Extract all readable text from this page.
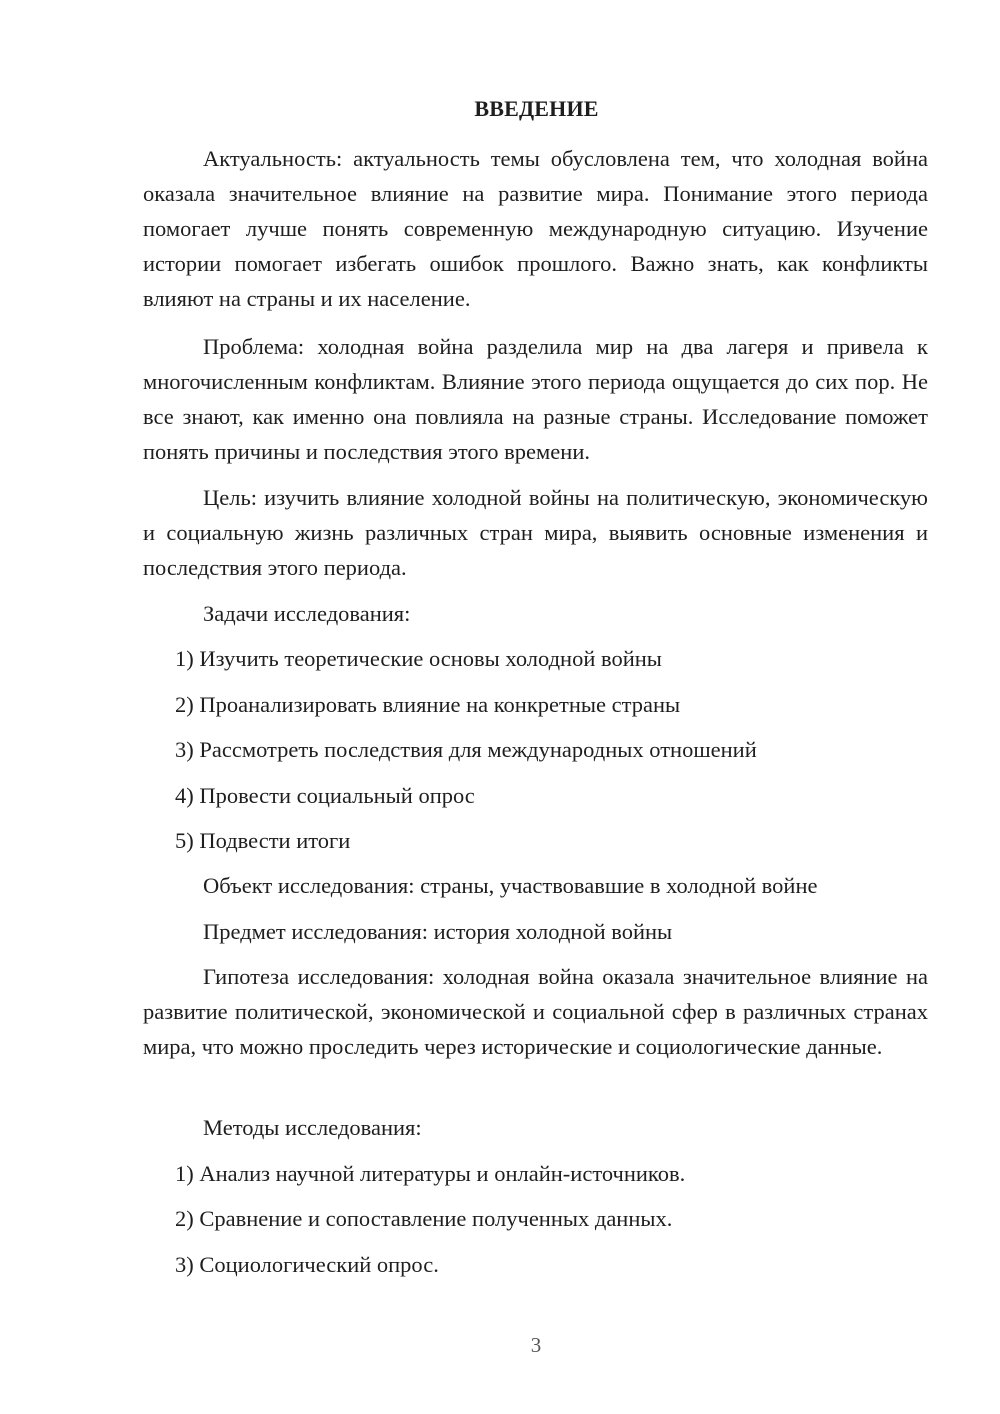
ВВЕДЕНИЕ

Актуальность: актуальность темы обусловлена тем, что холодная война оказала значительное влияние на развитие мира. Понимание этого периода помогает лучше понять современную международную ситуацию. Изучение истории помогает избегать ошибок прошлого. Важно знать, как конфликты влияют на страны и их население.

Проблема: холодная война разделила мир на два лагеря и привела к многочисленным конфликтам. Влияние этого периода ощущается до сих пор. Не все знают, как именно она повлияла на разные страны. Исследование поможет понять причины и последствия этого времени.

Цель: изучить влияние холодной войны на политическую, экономическую и социальную жизнь различных стран мира, выявить основные изменения и последствия этого периода.

Задачи исследования:
1) Изучить теоретические основы холодной войны
2) Проанализировать влияние на конкретные страны
3) Рассмотреть последствия для международных отношений
4) Провести социальный опрос
5) Подвести итоги
Объект исследования: страны, участвовавшие в холодной войне
Предмет исследования: история холодной войны

Гипотеза исследования: холодная война оказала значительное влияние на развитие политической, экономической и социальной сфер в различных странах мира, что можно проследить через исторические и социологические данные.

Методы исследования:
1) Анализ научной литературы и онлайн-источников.
2) Сравнение и сопоставление полученных данных.
3) Социологический опрос.
3
